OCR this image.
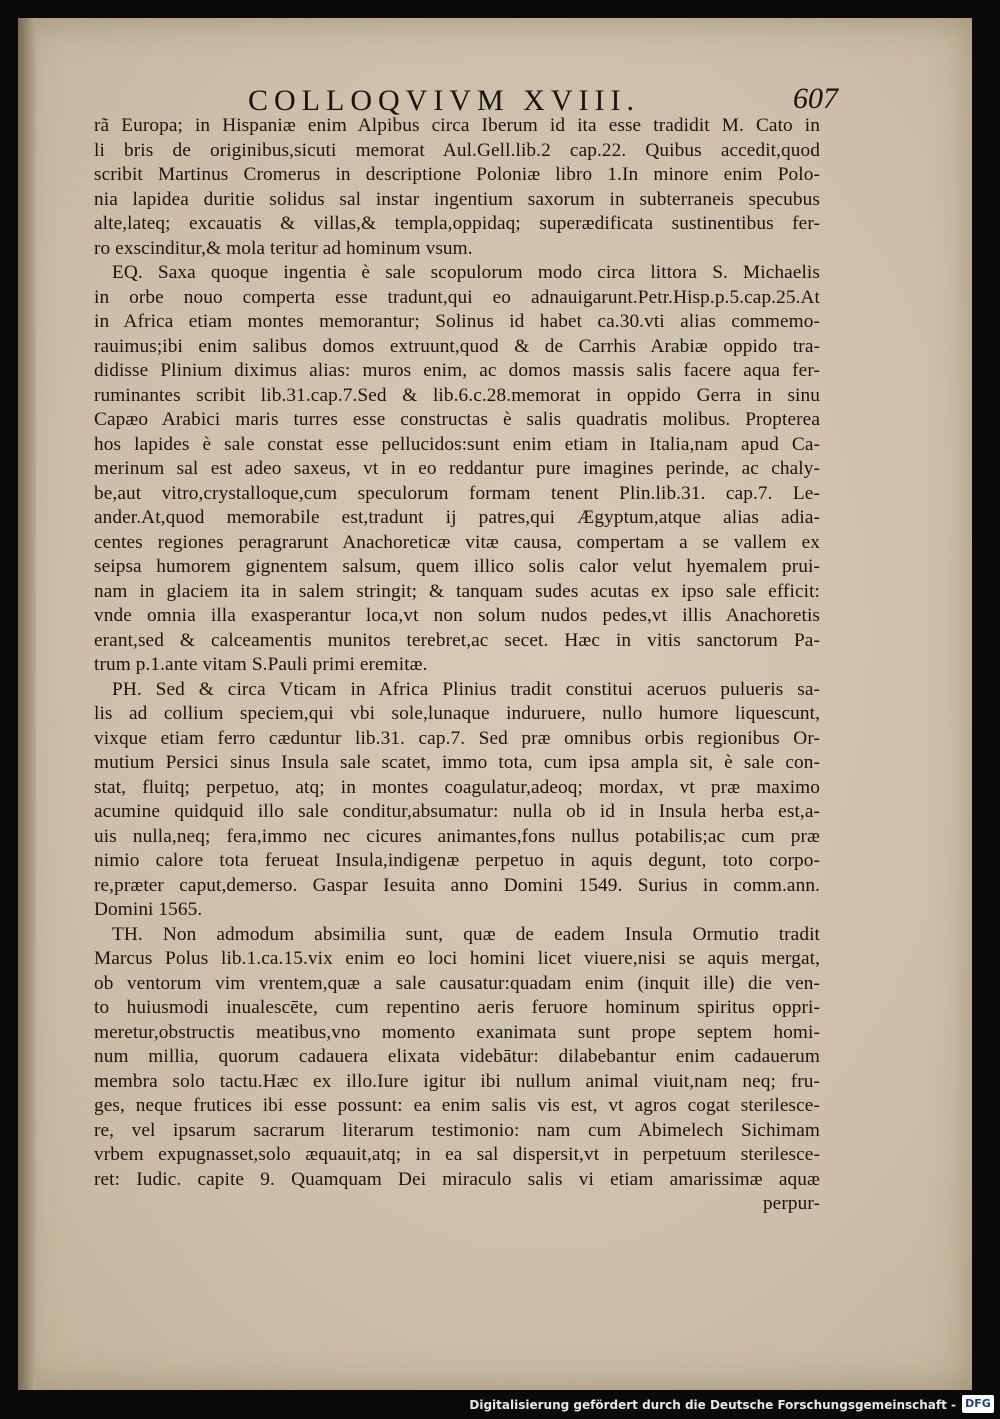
COLLOQVIVM XVIII.	607
rã Europa; in Hispaniæ enim Alpibus circa Iberum id ita esse tradidit M. Cato in
li bris de originibus,sicuti memorat Aul.Gell.lib.2 cap.22. Quibus accedit,quod
scribit Martinus Cromerus in descriptione Poloniæ libro 1.In minore enim Polo-
nia lapidea duritie solidus sal instar ingentium saxorum in subterraneis specubus
alte,lateq; excauatis & villas,& templa,oppidaq; superædificata sustinentibus fer-
ro exscinditur,& mola teritur ad hominum vsum.
EQ. Saxa quoque ingentia è sale scopulorum modo circa littora S. Michaelis
in orbe nouo comperta esse tradunt,qui eo adnauigarunt.Petr.Hisp.p.5.cap.25.At
in Africa etiam montes memorantur; Solinus id habet ca.30.vti alias commemo-
rauimus;ibi enim salibus domos extruunt,quod & de Carrhis Arabiæ oppido tra-
didisse Plinium diximus alias: muros enim, ac domos massis salis facere aqua fer-
ruminantes scribit lib.31.cap.7.Sed & lib.6.c.28.memorat in oppido Gerra in sinu
Capæo Arabici maris turres esse constructas è salis quadratis molibus. Propterea
hos lapides è sale constat esse pellucidos:sunt enim etiam in Italia,nam apud Ca-
merinum sal est adeo saxeus, vt in eo reddantur pure imagines perinde, ac chaly-
be,aut vitro,crystalloque,cum speculorum formam tenent Plin.lib.31. cap.7. Le-
ander.At,quod memorabile est,tradunt ij patres,qui Ægyptum,atque alias adia-
centes regiones peragrarunt Anachoreticæ vitæ causa, compertam a se vallem ex
seipsa humorem gignentem salsum, quem illico solis calor velut hyemalem prui-
nam in glaciem ita in salem stringit; & tanquam sudes acutas ex ipso sale efficit:
vnde omnia illa exasperantur loca,vt non solum nudos pedes,vt illis Anachoretis
erant,sed & calceamentis munitos terebret,ac secet. Hæc in vitis sanctorum Pa-
trum p.1.ante vitam S.Pauli primi eremitæ.
PH. Sed & circa Vticam in Africa Plinius tradit constitui aceruos pulueris sa-
lis ad collium speciem,qui vbi sole,lunaque induruere, nullo humore liquescunt,
vixque etiam ferro cæduntur lib.31. cap.7. Sed præ omnibus orbis regionibus Or-
mutium Persici sinus Insula sale scatet, immo tota, cum ipsa ampla sit, è sale con-
stat, fluitq; perpetuo, atq; in montes coagulatur,adeoq; mordax, vt præ maximo
acumine quidquid illo sale conditur,absumatur: nulla ob id in Insula herba est,a-
uis nulla,neq; fera,immo nec cicures animantes,fons nullus potabilis;ac cum præ
nimio calore tota ferueat Insula,indigenæ perpetuo in aquis degunt, toto corpo-
re,præter caput,demerso. Gaspar Iesuita anno Domini 1549. Surius in comm.ann.
Domini 1565.
TH. Non admodum absimilia sunt, quæ de eadem Insula Ormutio tradit
Marcus Polus lib.1.ca.15.vix enim eo loci homini licet viuere,nisi se aquis mergat,
ob ventorum vim vrentem,quæ a sale causatur:quadam enim (inquit ille) die ven-
to huiusmodi inualescēte, cum repentino aeris feruore hominum spiritus oppri-
meretur,obstructis meatibus,vno momento exanimata sunt prope septem homi-
num millia, quorum cadauera elixata videbātur: dilabebantur enim cadauerum
membra solo tactu.Hæc ex illo.Iure igitur ibi nullum animal viuit,nam neq; fru-
ges, neque frutices ibi esse possunt: ea enim salis vis est, vt agros cogat sterilesce-
re, vel ipsarum sacrarum literarum testimonio: nam cum Abimelech Sichimam
vrbem expugnasset,solo æquauit,atq; in ea sal dispersit,vt in perpetuum sterilesce-
ret: Iudic. capite 9. Quamquam Dei miraculo salis vi etiam amarissimæ aquæ
perpur-
Digitalisierung gefördert durch die Deutsche Forschungsgemeinschaft - DFG
